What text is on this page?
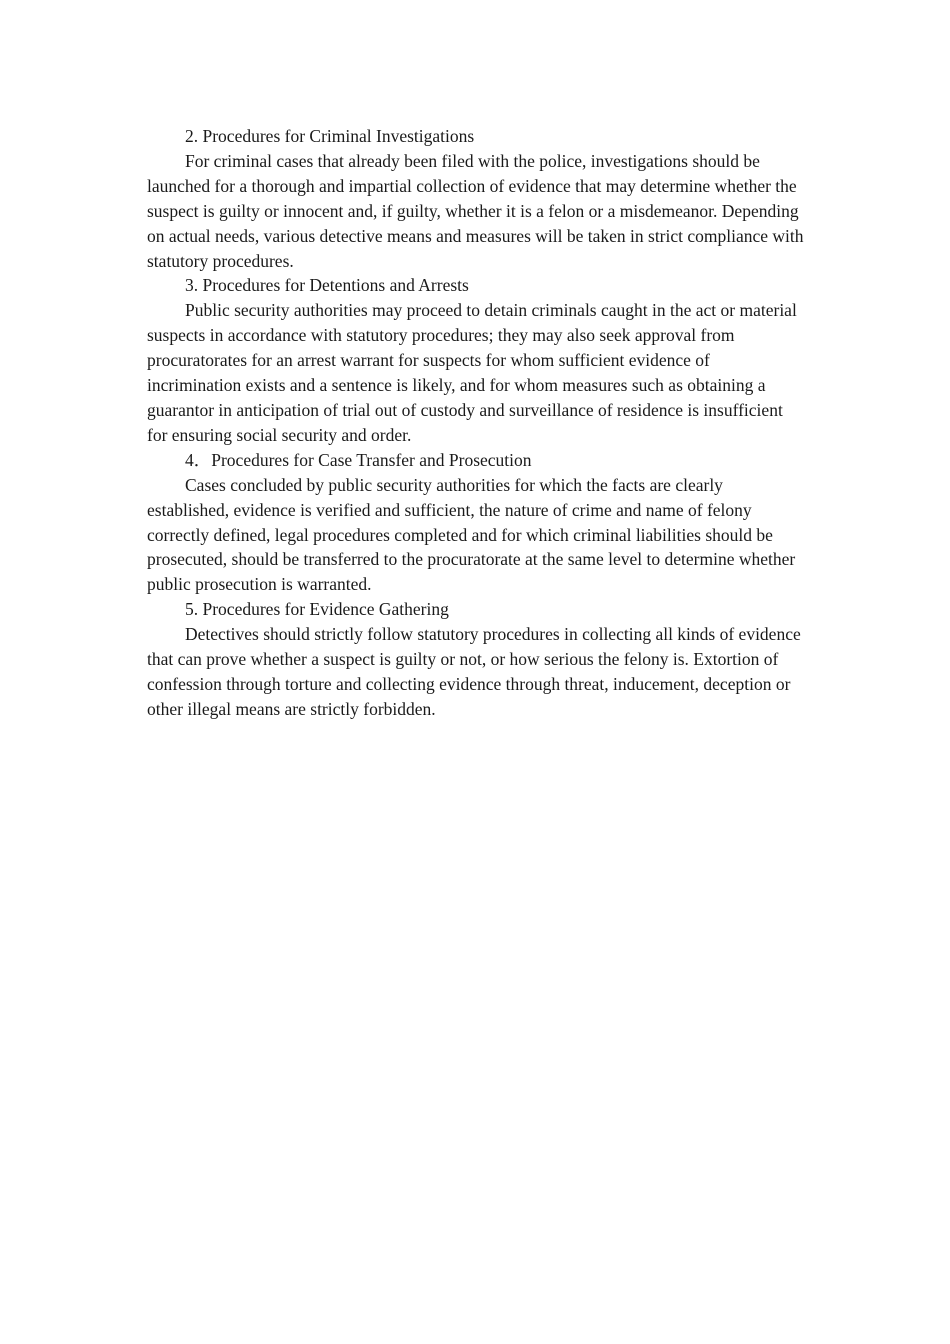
2. Procedures for Criminal Investigations

For criminal cases that already been filed with the police, investigations should be launched for a thorough and impartial collection of evidence that may determine whether the suspect is guilty or innocent and, if guilty, whether it is a felon or a misdemeanor. Depending on actual needs, various detective means and measures will be taken in strict compliance with statutory procedures.

3. Procedures for Detentions and Arrests

Public security authorities may proceed to detain criminals caught in the act or material suspects in accordance with statutory procedures; they may also seek approval from procuratorates for an arrest warrant for suspects for whom sufficient evidence of incrimination exists and a sentence is likely, and for whom measures such as obtaining a guarantor in anticipation of trial out of custody and surveillance of residence is insufficient for ensuring social security and order.

4．Procedures for Case Transfer and Prosecution

Cases concluded by public security authorities for which the facts are clearly established, evidence is verified and sufficient, the nature of crime and name of felony correctly defined, legal procedures completed and for which criminal liabilities should be prosecuted, should be transferred to the procuratorate at the same level to determine whether public prosecution is warranted.

5. Procedures for Evidence Gathering

Detectives should strictly follow statutory procedures in collecting all kinds of evidence that can prove whether a suspect is guilty or not, or how serious the felony is. Extortion of confession through torture and collecting evidence through threat, inducement, deception or other illegal means are strictly forbidden.
